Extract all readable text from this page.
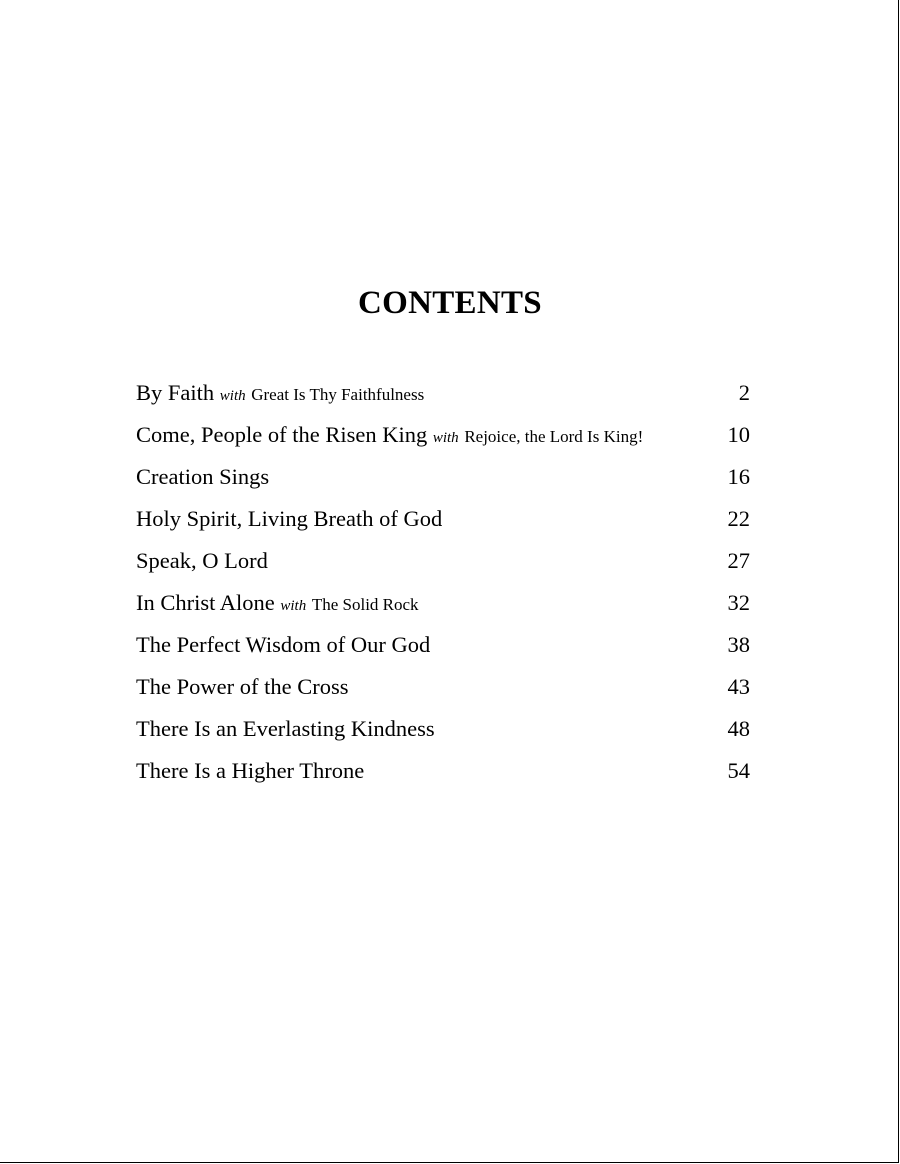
CONTENTS
By Faith with Great Is Thy Faithfulness	2
Come, People of the Risen King with Rejoice, the Lord Is King!	10
Creation Sings	16
Holy Spirit, Living Breath of God	22
Speak, O Lord	27
In Christ Alone with The Solid Rock	32
The Perfect Wisdom of Our God	38
The Power of the Cross	43
There Is an Everlasting Kindness	48
There Is a Higher Throne	54
